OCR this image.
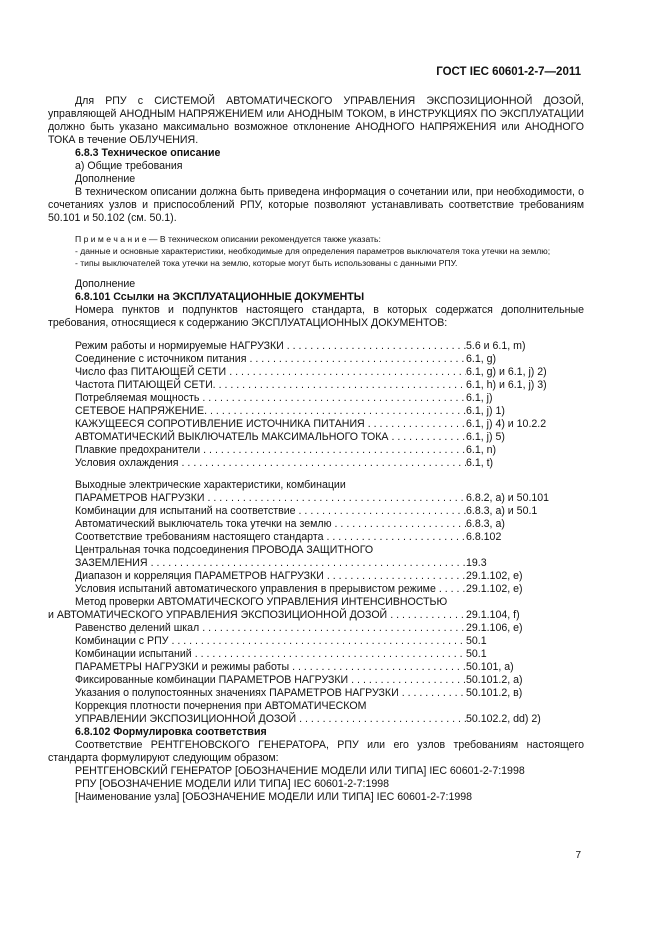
ГОСТ IEC 60601-2-7—2011

Для РПУ с СИСТЕМОЙ АВТОМАТИЧЕСКОГО УПРАВЛЕНИЯ ЭКСПОЗИЦИОННОЙ ДОЗОЙ, управляющей АНОДНЫМ НАПРЯЖЕНИЕМ или АНОДНЫМ ТОКОМ, в ИНСТРУКЦИЯХ ПО ЭКСПЛУАТАЦИИ должно быть указано максимально возможное отклонение АНОДНОГО НАПРЯЖЕНИЯ или АНОДНОГО ТОКА в течение ОБЛУЧЕНИЯ.

6.8.3 Техническое описание
а) Общие требования
Дополнение

В техническом описании должна быть приведена информация о сочетании или, при необходимости, о сочетаниях узлов и приспособлений РПУ, которые позволяют устанавливать соответствие требованиям 50.101 и 50.102 (см. 50.1).

П р и м е ч а н и е — В техническом описании рекомендуется также указать:

- данные и основные характеристики, необходимые для определения параметров выключателя тока утечки на землю;

- типы выключателей тока утечки на землю, которые могут быть использованы с данными РПУ.

Дополнение
6.8.101 Ссылки на ЭКСПЛУАТАЦИОННЫЕ ДОКУМЕНТЫ

Номера пунктов и подпунктов настоящего стандарта, в которых содержатся дополнительные требования, относящиеся к содержанию ЭКСПЛУАТАЦИОННЫХ ДОКУМЕНТОВ:

Режим работы и нормируемые НАГРУЗКИ . . .	5.6 и 6.1, m)
Соединение с источником питания . . .	6.1, g)
Число фаз ПИТАЮЩЕЙ СЕТИ . . .	6.1, g) и 6.1, j) 2)
Частота ПИТАЮЩЕЙ СЕТИ. . . .	6.1, h) и 6.1, j) 3)
Потребляемая мощность . . .	6.1, j)
СЕТЕВОЕ НАПРЯЖЕНИЕ. . . .	6.1, j) 1)
КАЖУЩЕЕСЯ СОПРОТИВЛЕНИЕ ИСТОЧНИКА ПИТАНИЯ . . .	6.1, j) 4) и 10.2.2
АВТОМАТИЧЕСКИЙ ВЫКЛЮЧАТЕЛЬ МАКСИМАЛЬНОГО ТОКА . . .	6.1, j) 5)
Плавкие предохранители . . .	6.1, n)
Условия охлаждения . . .	6.1, t)
Выходные электрические характеристики, комбинации
ПАРАМЕТРОВ НАГРУЗКИ . . .	6.8.2, а) и 50.101
Комбинации для испытаний на соответствие . . .	6.8.3, а) и 50.1
Автоматический выключатель тока утечки на землю . . .	6.8.3, а)
Соответствие требованиям настоящего стандарта . . .	6.8.102
Центральная точка подсоединения ПРОВОДА ЗАЩИТНОГО
ЗАЗЕМЛЕНИЯ . . .	19.3
Диапазон и корреляция ПАРАМЕТРОВ НАГРУЗКИ . . .	29.1.102, е)
Условия испытаний автоматического управления в прерывистом режиме . . .	29.1.102, е)
Метод проверки АВТОМАТИЧЕСКОГО УПРАВЛЕНИЯ ИНТЕНСИВНОСТЬЮ
и АВТОМАТИЧЕСКОГО УПРАВЛЕНИЯ ЭКСПОЗИЦИОННОЙ ДОЗОЙ . . .	29.1.104, f)
Равенство делений шкал . . .	29.1.106, е)
Комбинации с РПУ . . .	50.1
Комбинации испытаний . . .	50.1
ПАРАМЕТРЫ НАГРУЗКИ и режимы работы . . .	50.101, а)
Фиксированные комбинации ПАРАМЕТРОВ НАГРУЗКИ . . .	50.101.2, а)
Указания о полупостоянных значениях ПАРАМЕТРОВ НАГРУЗКИ . . .	50.101.2, в)
Коррекция плотности почернения при АВТОМАТИЧЕСКОМ
УПРАВЛЕНИИ ЭКСПОЗИЦИОННОЙ ДОЗОЙ . . .	50.102.2, dd) 2)
6.8.102 Формулировка соответствия

Соответствие РЕНТГЕНОВСКОГО ГЕНЕРАТОРА, РПУ или его узлов требованиям настоящего стандарта формулируют следующим образом:

РЕНТГЕНОВСКИЙ ГЕНЕРАТОР [ОБОЗНАЧЕНИЕ МОДЕЛИ ИЛИ ТИПА] IEC 60601-2-7:1998
РПУ [ОБОЗНАЧЕНИЕ МОДЕЛИ ИЛИ ТИПА] IEC 60601-2-7:1998
[Наименование узла] [ОБОЗНАЧЕНИЕ МОДЕЛИ ИЛИ ТИПА] IEC 60601-2-7:1998
7
